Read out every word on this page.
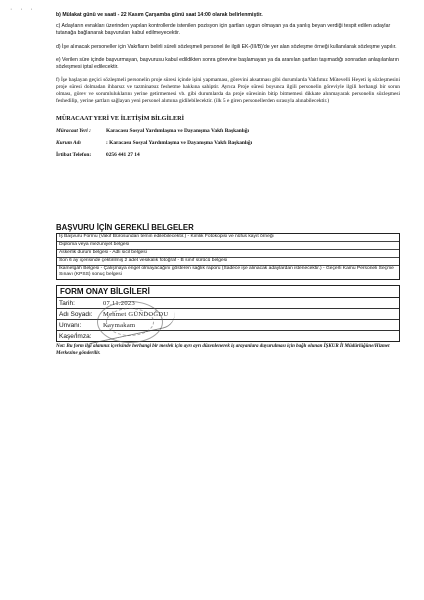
· · ·

b) Mülakat günü ve saati - 22 Kasım Çarşamba günü saat 14:00 olarak belirlenmiştir.

c) Adayların evrakları üzerinden yapılan kontrollerde istenilen pozisyon için şartları uygun olmayan ya da yanlış beyan verdiği tespit edilen adaylar tutanağa bağlanarak başvuruları kabul edilmeyecektir.

d) İşe alınacak personeller için Vakıfların belirli süreli sözleşmeli personel ile ilgili EK-(III/B)'de yer alan sözleşme örneği kullanılarak sözleşme yapılır.

e) Verilen süre içinde başvurmayan, başvurusu kabul edildikten sonra görevine başlamayan ya da aranılan şartları taşımadığı sonradan anlaşılanların sözleşmesi iptal edilecektir.

f) İşe başlayan geçici sözleşmeli personelin proje süresi içinde işini yapmaması, görevini aksatması gibi durumlarda Vakfımız Mütevelli Heyeti iş sözleşmesini proje süresi dolmadan ihbarsız ve tazminatsız feshetme hakkına sahiptir. Ayrıca Proje süresi boyunca ilgili personelin göreviyle ilgili herhangi bir sorun olması, görev ve sorumluluklarını yerine getirmemesi vb. gibi durumlarda da proje süresinin bitip bitmemesi dikkate alınmayarak personelin sözleşmesi feshedilip, yerine şartları sağlayan yeni personel alımına gidilebilecektir. (ilk 5 e giren personellerden sırasıyla alınabilecektir.)

MÜRACAAT YERİ VE İLETİŞİM BİLGİLERİ
Müracaat Yeri :	Karacasu Sosyal Yardımlaşma ve Dayanışma Vakfı Başkanlığı
Kurum Adı	: Karacasu Sosyal Yardımlaşma ve Dayanışma Vakfı Başkanlığı
İrtibat Telefon:	0256 441 27 14
BAŞVURU İÇİN GEREKLİ BELGELER
İş Başvuru Formu (Vakıf Bürosundan temin edilebilecektir.) - Kimlik Fotokopisi ve nüfus kayıt örneği
Diploma veya mezuniyet belgesi
Askerlik durum belgesi - Adli sicil belgesi
Son 6 ay içerisinde çektirilmiş 2 adet vesikalık fotoğraf - B sınıf sürücü belgesi
İkametgâh Belgesi - Çalışmaya engel olmayacağını gösteren sağlık raporu (Sadece işe alınacak adaylardan istenecektir.) - Geçerli Kamu Personeli Seçme Sınavı (KPSS) sonuç belgesi
FORM ONAY BİLGİLERİ
Tarih:	07.11.2023
Adı Soyadı:	Mehmet GÜNDOĞDU
Unvanı:	Kaymakam
Kaşe/İmza:
Not: Bu form ilgi alanınız içerisinde herhangi bir meslek için ayrı ayrı düzenlenerek iş arayanlara duyurulması için bağlı olunan İŞKUR İl Müdürlüğüne/Hizmet Merkezine gönderilir.
